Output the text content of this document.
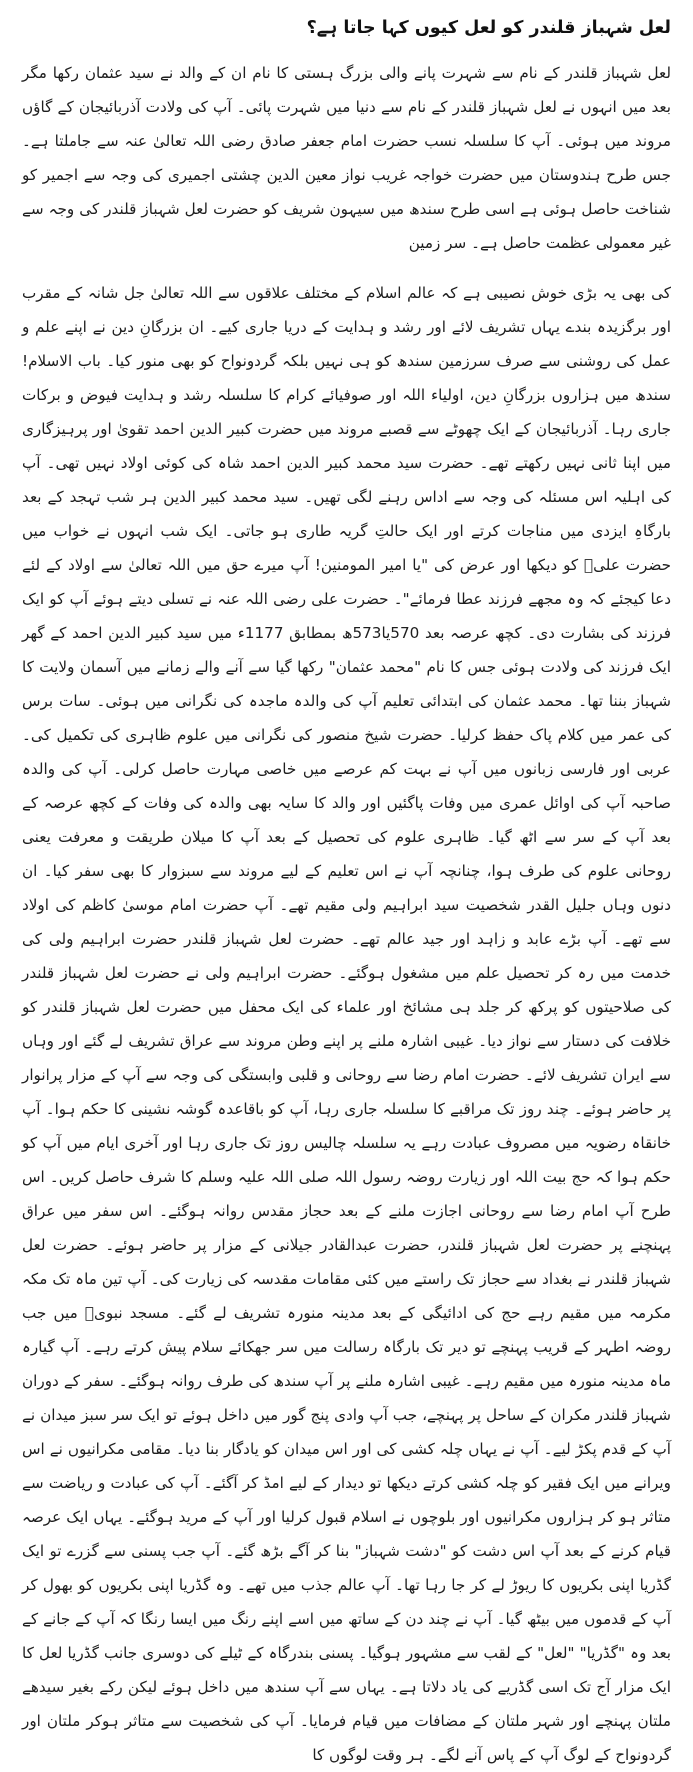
لعل شہباز قلندر کو لعل کیوں کہا جاتا ہے؟

لعل شہباز قلندر کے نام سے شہرت پانے والی بزرگ ہستی کا نام ان کے والد نے سید عثمان رکھا مگر بعد میں انہوں نے لعل شہباز قلندر کے نام سے دنیا میں شہرت پائی۔ آپ کی ولادت آذربائیجان کے گاؤں مروند میں ہوئی۔ آپ کا سلسلہ نسب حضرت امام جعفر صادق رضی اللہ تعالیٰ عنہ سے جاملتا ہے۔ جس طرح ہندوستان میں حضرت خواجہ غریب نواز معین الدین چشتی اجمیری کی وجہ سے اجمیر کو شناخت حاصل ہوئی ہے اسی طرح سندھ میں سیہون شریف کو حضرت لعل شہباز قلندر کی وجہ سے غیر معمولی عظمت حاصل ہے۔ سر زمین

کی بھی یہ بڑی خوش نصیبی ہے کہ عالم اسلام کے مختلف علاقوں سے اللہ تعالیٰ جل شانہ کے مقرب اور برگزیدہ بندے یہاں تشریف لائے اور رشد و ہدایت کے دریا جاری کیے۔ ان بزرگانِ دین نے اپنے علم و عمل کی روشنی سے صرف سرزمین سندھ کو ہی نہیں بلکہ گردونواح کو بھی منور کیا۔ باب الاسلام! سندھ میں ہزاروں بزرگانِ دین، اولیاء اللہ اور صوفیائے کرام کا سلسلہ رشد و ہدایت فیوض و برکات جاری رہا۔ آذربائیجان کے ایک چھوٹے سے قصبے مروند میں حضرت کبیر الدین احمد تقویٰ اور پرہیزگاری میں اپنا ثانی نہیں رکھتے تھے۔ حضرت سید محمد کبیر الدین احمد شاہ کی کوئی اولاد نہیں تھی۔ آپ کی اہلیہ اس مسئلہ کی وجہ سے اداس رہنے لگی تھیں۔ سید محمد کبیر الدین ہر شب تہجد کے بعد بارگاہِ ایزدی میں مناجات کرتے اور ایک حالتِ گریہ طاری ہو جاتی۔ ایک شب انہوں نے خواب میں حضرت علیؓ کو دیکھا اور عرض کی "یا امیر المومنین! آپ میرے حق میں اللہ تعالیٰ سے اولاد کے لئے دعا کیجئے کہ وہ مجھے فرزند عطا فرمائے"۔ حضرت علی رضی اللہ عنہ نے تسلی دیتے ہوئے آپ کو ایک فرزند کی بشارت دی۔ کچھ عرصہ بعد 570یا573ھ بمطابق 1177ء میں سید کبیر الدین احمد کے گھر ایک فرزند کی ولادت ہوئی جس کا نام "محمد عثمان" رکھا گیا سے آنے والے زمانے میں آسمان ولایت کا شہباز بننا تھا۔ محمد عثمان کی ابتدائی تعلیم آپ کی والدہ ماجدہ کی نگرانی میں ہوئی۔ سات برس کی عمر میں کلام پاک حفظ کرلیا۔ حضرت شیخ منصور کی نگرانی میں علوم ظاہری کی تکمیل کی۔ عربی اور فارسی زبانوں میں آپ نے بہت کم عرصے میں خاصی مہارت حاصل کرلی۔ آپ کی والدہ صاحبہ آپ کی اوائل عمری میں وفات پاگئیں اور والد کا سایہ بھی والدہ کی وفات کے کچھ عرصہ کے بعد آپ کے سر سے اٹھ گیا۔ ظاہری علوم کی تحصیل کے بعد آپ کا میلان طریقت و معرفت یعنی روحانی علوم کی طرف ہوا، چنانچہ آپ نے اس تعلیم کے لیے مروند سے سبزوار کا بھی سفر کیا۔ ان دنوں وہاں جلیل القدر شخصیت سید ابراہیم ولی مقیم تھے۔ آپ حضرت امام موسیٰ کاظم کی اولاد سے تھے۔ آپ بڑے عابد و زاہد اور جید عالم تھے۔ حضرت لعل شہباز قلندر حضرت ابراہیم ولی کی خدمت میں رہ کر تحصیل علم میں مشغول ہوگئے۔ حضرت ابراہیم ولی نے حضرت لعل شہباز قلندر کی صلاحیتوں کو پرکھ کر جلد ہی مشائخ اور علماء کی ایک محفل میں حضرت لعل شہباز قلندر کو خلافت کی دستار سے نواز دیا۔ غیبی اشارہ ملنے پر اپنے وطن مروند سے عراق تشریف لے گئے اور وہاں سے ایران تشریف لائے۔ حضرت امام رضا سے روحانی و قلبی وابستگی کی وجہ سے آپ کے مزار پرانوار پر حاضر ہوئے۔ چند روز تک مراقبے کا سلسلہ جاری رہا، آپ کو باقاعدہ گوشہ نشینی کا حکم ہوا۔ آپ خانقاہ رضویہ میں مصروف عبادت رہے یہ سلسلہ چالیس روز تک جاری رہا اور آخری ایام میں آپ کو حکم ہوا کہ حج بیت اللہ اور زیارت روضہ رسول اللہ صلی اللہ علیہ وسلم کا شرف حاصل کریں۔ اس طرح آپ امام رضا سے روحانی اجازت ملنے کے بعد حجاز مقدس روانہ ہوگئے۔ اس سفر میں عراق پہنچنے پر حضرت لعل شہباز قلندر، حضرت عبدالقادر جیلانی کے مزار پر حاضر ہوئے۔ حضرت لعل شہباز قلندر نے بغداد سے حجاز تک راستے میں کئی مقامات مقدسہ کی زیارت کی۔ آپ تین ماہ تک مکہ مکرمہ میں مقیم رہے حج کی ادائیگی کے بعد مدینہ منورہ تشریف لے گئے۔ مسجد نبویؐ میں جب روضہ اطہر کے قریب پہنچے تو دیر تک بارگاہ رسالت میں سر جھکائے سلام پیش کرتے رہے۔ آپ گیارہ ماہ مدینہ منورہ میں مقیم رہے۔ غیبی اشارہ ملنے پر آپ سندھ کی طرف روانہ ہوگئے۔ سفر کے دوران شہباز قلندر مکران کے ساحل پر پہنچے، جب آپ وادی پنج گور میں داخل ہوئے تو ایک سر سبز میدان نے آپ کے قدم پکڑ لیے۔ آپ نے یہاں چلہ کشی کی اور اس میدان کو یادگار بنا دیا۔ مقامی مکرانیوں نے اس ویرانے میں ایک فقیر کو چلہ کشی کرتے دیکھا تو دیدار کے لیے امڈ کر آگئے۔ آپ کی عبادت و ریاضت سے متاثر ہو کر ہزاروں مکرانیوں اور بلوچوں نے اسلام قبول کرلیا اور آپ کے مرید ہوگئے۔ یہاں ایک عرصہ قیام کرنے کے بعد آپ اس دشت کو "دشت شہباز" بنا کر آگے بڑھ گئے۔ آپ جب پسنی سے گزرے تو ایک گڈریا اپنی بکریوں کا ریوڑ لے کر جا رہا تھا۔ آپ عالم جذب میں تھے۔ وہ گڈریا اپنی بکریوں کو بھول کر آپ کے قدموں میں بیٹھ گیا۔ آپ نے چند دن کے ساتھ میں اسے اپنے رنگ میں ایسا رنگا کہ آپ کے جانے کے بعد وہ "گڈریا" "لعل" کے لقب سے مشہور ہوگیا۔ پسنی بندرگاہ کے ٹیلے کی دوسری جانب گڈریا لعل کا ایک مزار آج تک اسی گڈریے کی یاد دلاتا ہے۔ یہاں سے آپ سندھ میں داخل ہوئے لیکن رکے بغیر سیدھے ملتان پہنچے اور شہر ملتان کے مضافات میں قیام فرمایا۔ آپ کی شخصیت سے متاثر ہوکر ملتان اور گردونواح کے لوگ آپ کے پاس آنے لگے۔ ہر وقت لوگوں کا
